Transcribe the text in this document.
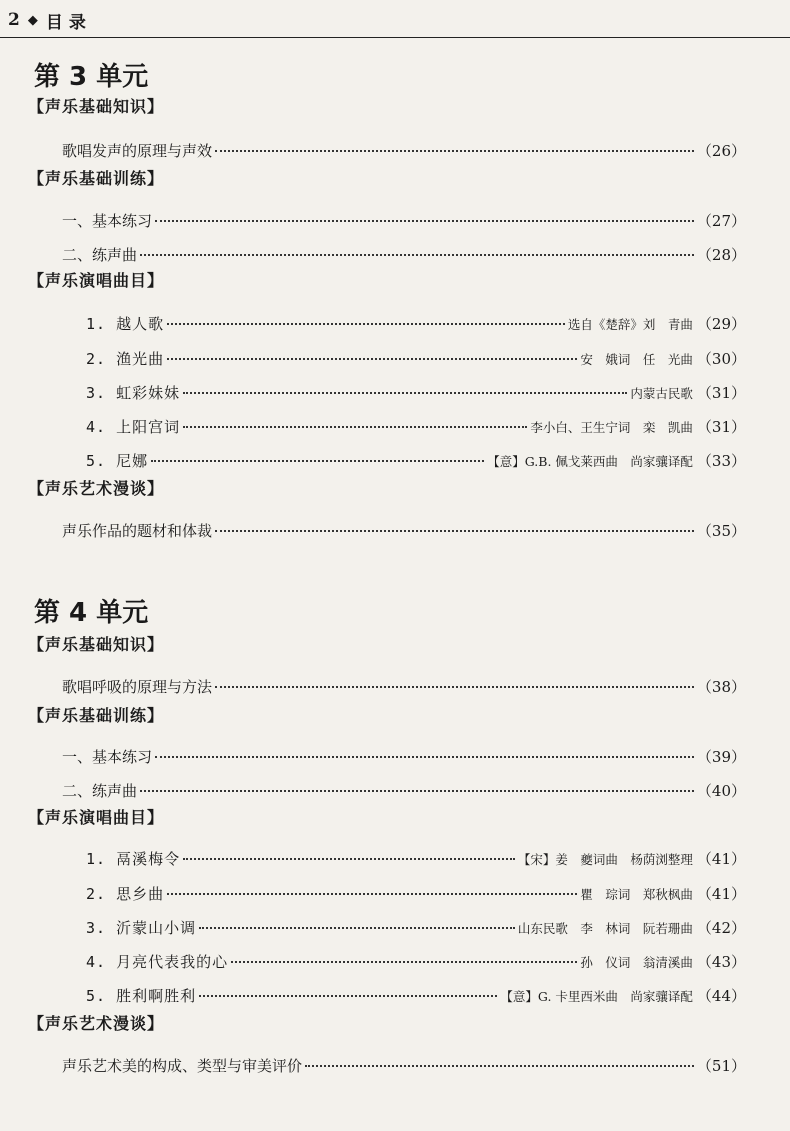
2 ◆ 目录
第 3 单元
【声乐基础知识】
歌唱发声的原理与声效	（26）
【声乐基础训练】
一、基本练习	（27）
二、练声曲	（28）
【声乐演唱曲目】
1. 越人歌	选自《楚辞》刘　青曲 （29）
2. 渔光曲	安　娥词　任　光曲 （30）
3. 虹彩妹妹	内蒙古民歌 （31）
4. 上阳宫词	李小白、王生宁词　栾　凯曲 （31）
5. 尼娜	【意】G.B. 佩戈莱西曲　尚家骧译配 （33）
【声乐艺术漫谈】
声乐作品的题材和体裁	（35）
第 4 单元
【声乐基础知识】
歌唱呼吸的原理与方法	（38）
【声乐基础训练】
一、基本练习	（39）
二、练声曲	（40）
【声乐演唱曲目】
1. 鬲溪梅令	【宋】姜　夔词曲　杨荫浏整理 （41）
2. 思乡曲	瞿　琮词　郑秋枫曲 （41）
3. 沂蒙山小调	山东民歌　李　林词　阮若珊曲 （42）
4. 月亮代表我的心	孙　仪词　翁清溪曲 （43）
5. 胜利啊胜利	【意】G. 卡里西米曲　尚家骧译配 （44）
【声乐艺术漫谈】
声乐艺术美的构成、类型与审美评价	（51）
